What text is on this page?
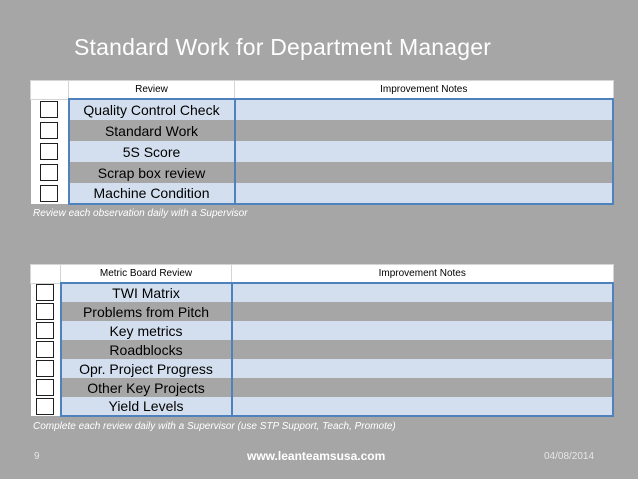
Standard Work for Department Manager
	Review	Improvement Notes
	Quality Control Check	
	Standard Work	
	5S Score	
	Scrap box review	
	Machine Condition	
Review each observation daily with a Supervisor
	Metric Board Review	Improvement Notes
	TWI Matrix	
	Problems from Pitch	
	Key metrics	
	Roadblocks	
	Opr. Project Progress	
	Other Key Projects	
	Yield Levels	
Complete each review daily with a Supervisor (use STP Support, Teach, Promote)
9	www.leanteamsusa.com	04/08/2014
